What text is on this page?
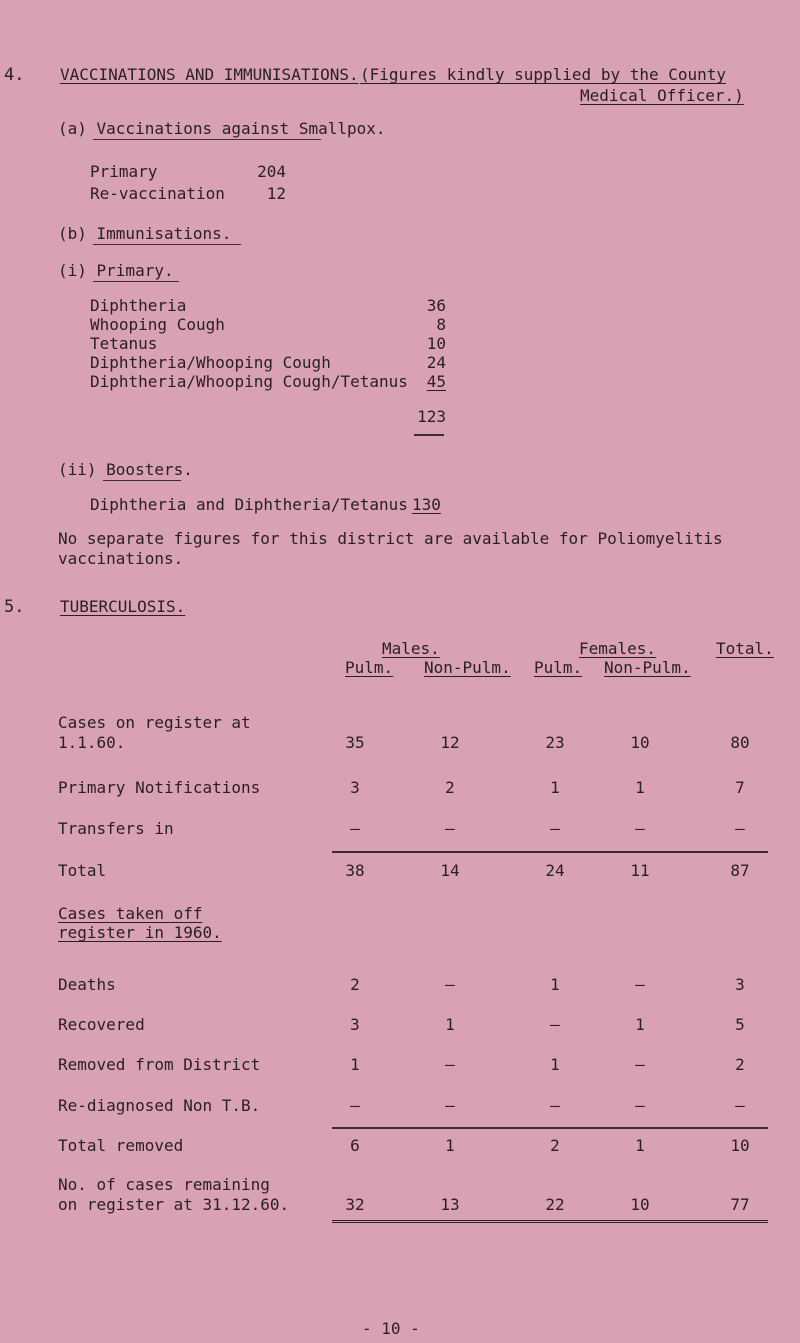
4. VACCINATIONS AND IMMUNISATIONS. (Figures kindly supplied by the County
Medical Officer.)
(a) Vaccinations against Smallpox.
Primary	204
Re-vaccination	12
(b) Immunisations.
(i) Primary.
Diphtheria	36
Whooping Cough	8
Tetanus	10
Diphtheria/Whooping Cough	24
Diphtheria/Whooping Cough/Tetanus	45
123
(ii) Boosters.
Diphtheria and Diphtheria/Tetanus 130
No separate figures for this district are available for Poliomyelitis
vaccinations.
5. TUBERCULOSIS.
Males.	Females.	Total.
Pulm. Non-Pulm. Pulm. Non-Pulm.
Cases on register at
1.1.60.	35	12	23	10	80
Primary Notifications	3	2	1	1	7
Transfers in	–	–	–	–	–
Total	38	14	24	11	87
Cases taken off
register in 1960.
Deaths	2	–	1	–	3
Recovered	3	1	–	1	5
Removed from District	1	–	1	–	2
Re-diagnosed Non T.B.	–	–	–	–	–
Total removed	6	1	2	1	10
No. of cases remaining
on register at 31.12.60.	32	13	22	10	77
- 10 -
